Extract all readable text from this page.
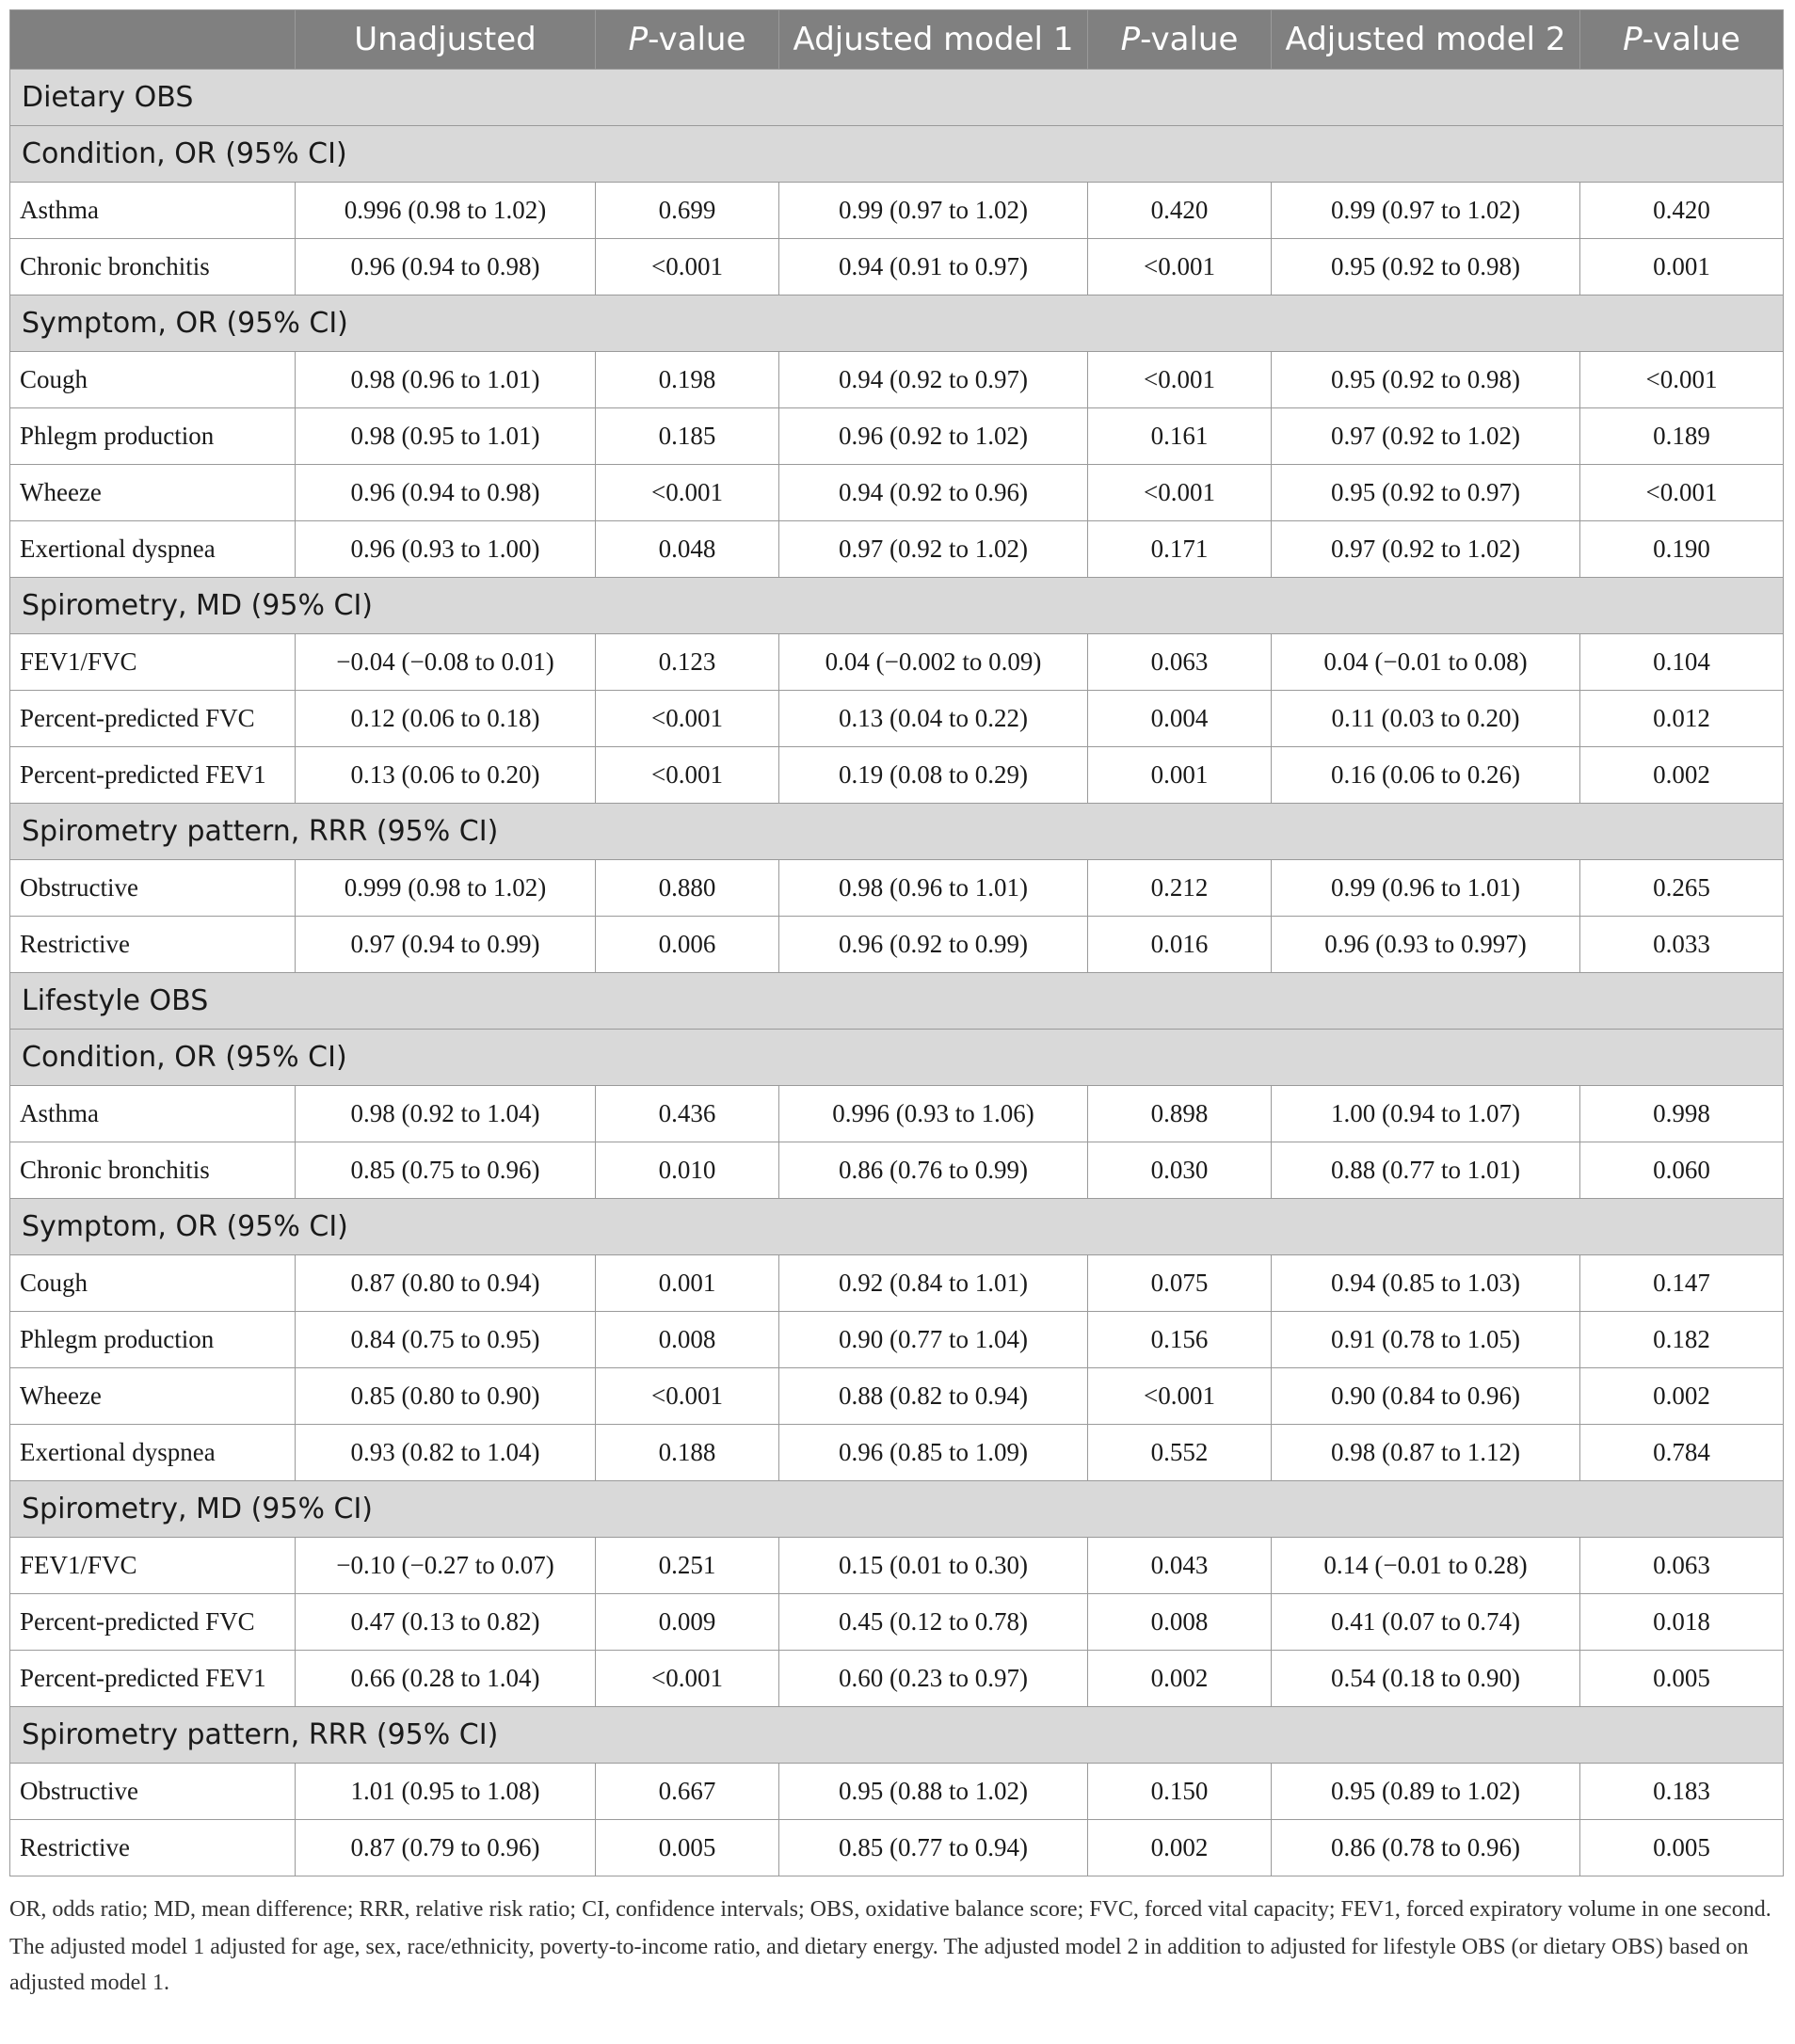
	Unadjusted	P-value	Adjusted model 1	P-value	Adjusted model 2	P-value
Dietary OBS						
Condition, OR (95% CI)						
Asthma	0.996 (0.98 to 1.02)	0.699	0.99 (0.97 to 1.02)	0.420	0.99 (0.97 to 1.02)	0.420
Chronic bronchitis	0.96 (0.94 to 0.98)	<0.001	0.94 (0.91 to 0.97)	<0.001	0.95 (0.92 to 0.98)	0.001
Symptom, OR (95% CI)						
Cough	0.98 (0.96 to 1.01)	0.198	0.94 (0.92 to 0.97)	<0.001	0.95 (0.92 to 0.98)	<0.001
Phlegm production	0.98 (0.95 to 1.01)	0.185	0.96 (0.92 to 1.02)	0.161	0.97 (0.92 to 1.02)	0.189
Wheeze	0.96 (0.94 to 0.98)	<0.001	0.94 (0.92 to 0.96)	<0.001	0.95 (0.92 to 0.97)	<0.001
Exertional dyspnea	0.96 (0.93 to 1.00)	0.048	0.97 (0.92 to 1.02)	0.171	0.97 (0.92 to 1.02)	0.190
Spirometry, MD (95% CI)						
FEV1/FVC	−0.04 (−0.08 to 0.01)	0.123	0.04 (−0.002 to 0.09)	0.063	0.04 (−0.01 to 0.08)	0.104
Percent-predicted FVC	0.12 (0.06 to 0.18)	<0.001	0.13 (0.04 to 0.22)	0.004	0.11 (0.03 to 0.20)	0.012
Percent-predicted FEV1	0.13 (0.06 to 0.20)	<0.001	0.19 (0.08 to 0.29)	0.001	0.16 (0.06 to 0.26)	0.002
Spirometry pattern, RRR (95% CI)						
Obstructive	0.999 (0.98 to 1.02)	0.880	0.98 (0.96 to 1.01)	0.212	0.99 (0.96 to 1.01)	0.265
Restrictive	0.97 (0.94 to 0.99)	0.006	0.96 (0.92 to 0.99)	0.016	0.96 (0.93 to 0.997)	0.033
Lifestyle OBS						
Condition, OR (95% CI)						
Asthma	0.98 (0.92 to 1.04)	0.436	0.996 (0.93 to 1.06)	0.898	1.00 (0.94 to 1.07)	0.998
Chronic bronchitis	0.85 (0.75 to 0.96)	0.010	0.86 (0.76 to 0.99)	0.030	0.88 (0.77 to 1.01)	0.060
Symptom, OR (95% CI)						
Cough	0.87 (0.80 to 0.94)	0.001	0.92 (0.84 to 1.01)	0.075	0.94 (0.85 to 1.03)	0.147
Phlegm production	0.84 (0.75 to 0.95)	0.008	0.90 (0.77 to 1.04)	0.156	0.91 (0.78 to 1.05)	0.182
Wheeze	0.85 (0.80 to 0.90)	<0.001	0.88 (0.82 to 0.94)	<0.001	0.90 (0.84 to 0.96)	0.002
Exertional dyspnea	0.93 (0.82 to 1.04)	0.188	0.96 (0.85 to 1.09)	0.552	0.98 (0.87 to 1.12)	0.784
Spirometry, MD (95% CI)						
FEV1/FVC	−0.10 (−0.27 to 0.07)	0.251	0.15 (0.01 to 0.30)	0.043	0.14 (−0.01 to 0.28)	0.063
Percent-predicted FVC	0.47 (0.13 to 0.82)	0.009	0.45 (0.12 to 0.78)	0.008	0.41 (0.07 to 0.74)	0.018
Percent-predicted FEV1	0.66 (0.28 to 1.04)	<0.001	0.60 (0.23 to 0.97)	0.002	0.54 (0.18 to 0.90)	0.005
Spirometry pattern, RRR (95% CI)						
Obstructive	1.01 (0.95 to 1.08)	0.667	0.95 (0.88 to 1.02)	0.150	0.95 (0.89 to 1.02)	0.183
Restrictive	0.87 (0.79 to 0.96)	0.005	0.85 (0.77 to 0.94)	0.002	0.86 (0.78 to 0.96)	0.005

OR, odds ratio; MD, mean difference; RRR, relative risk ratio; CI, confidence intervals; OBS, oxidative balance score; FVC, forced vital capacity; FEV1, forced expiratory volume in one second.

The adjusted model 1 adjusted for age, sex, race/ethnicity, poverty-to-income ratio, and dietary energy. The adjusted model 2 in addition to adjusted for lifestyle OBS (or dietary OBS) based on adjusted model 1.
